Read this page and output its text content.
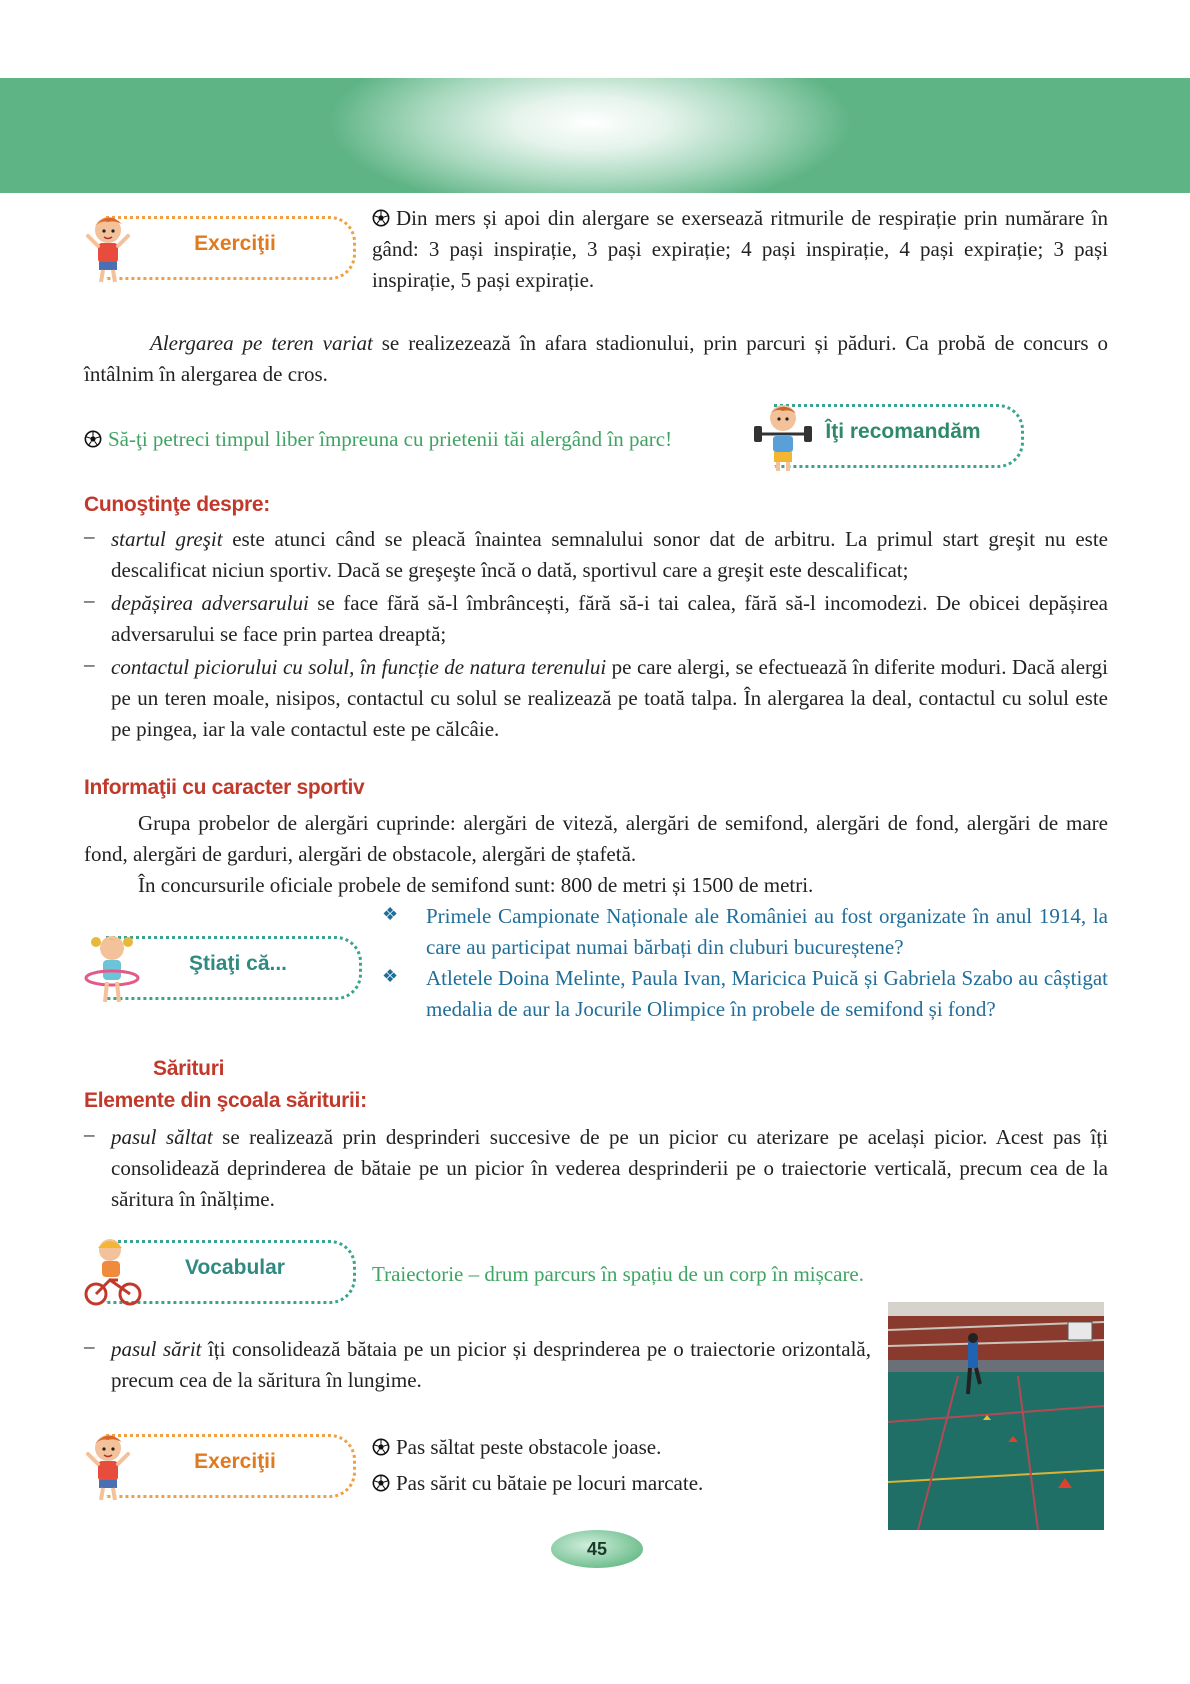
Exerciţii
Din mers și apoi din alergare se exersează ritmurile de respirație prin numărare în gând: 3 pași inspirație, 3 pași expirație; 4 pași inspirație, 4 pași expirație; 3 pași inspirație, 5 pași expirație.
Alergarea pe teren variat se realizezează în afara stadionului, prin parcuri și păduri. Ca probă de concurs o întâlnim în alergarea de cros.
Să-ţi petreci timpul liber împreuna cu prietenii tăi alergând în parc!	Îţi recomandăm
Cunoştinţe despre:
– startul greşit este atunci când se pleacă înaintea semnalului sonor dat de arbitru. La primul start greşit nu este descalificat niciun sportiv. Dacă se greşeşte încă o dată, sportivul care a greşit este descalificat;
– depășirea adversarului se face fără să-l îmbrâncești, fără să-i tai calea, fără să-l incomodezi. De obicei depășirea adversarului se face prin partea dreaptă;
– contactul piciorului cu solul, în funcție de natura terenului pe care alergi, se efectuează în diferite moduri. Dacă alergi pe un teren moale, nisipos, contactul cu solul se realizează pe toată talpa. În alergarea la deal, contactul cu solul este pe pingea, iar la vale contactul este pe călcâie.
Informaţii cu caracter sportiv
Grupa probelor de alergări cuprinde: alergări de viteză, alergări de semifond, alergări de fond, alergări de mare fond, alergări de garduri, alergări de obstacole, alergări de ștafetă.
În concursurile oficiale probele de semifond sunt: 800 de metri și 1500 de metri.
Ştiaţi că...
❖ Primele Campionate Naționale ale României au fost organizate în anul 1914, la care au participat numai bărbați din cluburi bucureștene?
❖ Atletele Doina Melinte, Paula Ivan, Maricica Puică și Gabriela Szabo au câștigat medalia de aur la Jocurile Olimpice în probele de semifond și fond?
Sărituri
Elemente din şcoala săriturii:
– pasul săltat se realizează prin desprinderi succesive de pe un picior cu aterizare pe același picior. Acest pas îți consolidează deprinderea de bătaie pe un picior în vederea desprinderii pe o traiectorie verticală, precum cea de la săritura în înălțime.
Vocabular	Traiectorie – drum parcurs în spațiu de un corp în mișcare.
– pasul sărit îți consolidează bătaia pe un picior și desprinderea pe o traiectorie orizontală, precum cea de la săritura în lungime.
Exerciţii
Pas săltat peste obstacole joase.
Pas sărit cu bătaie pe locuri marcate.
45
